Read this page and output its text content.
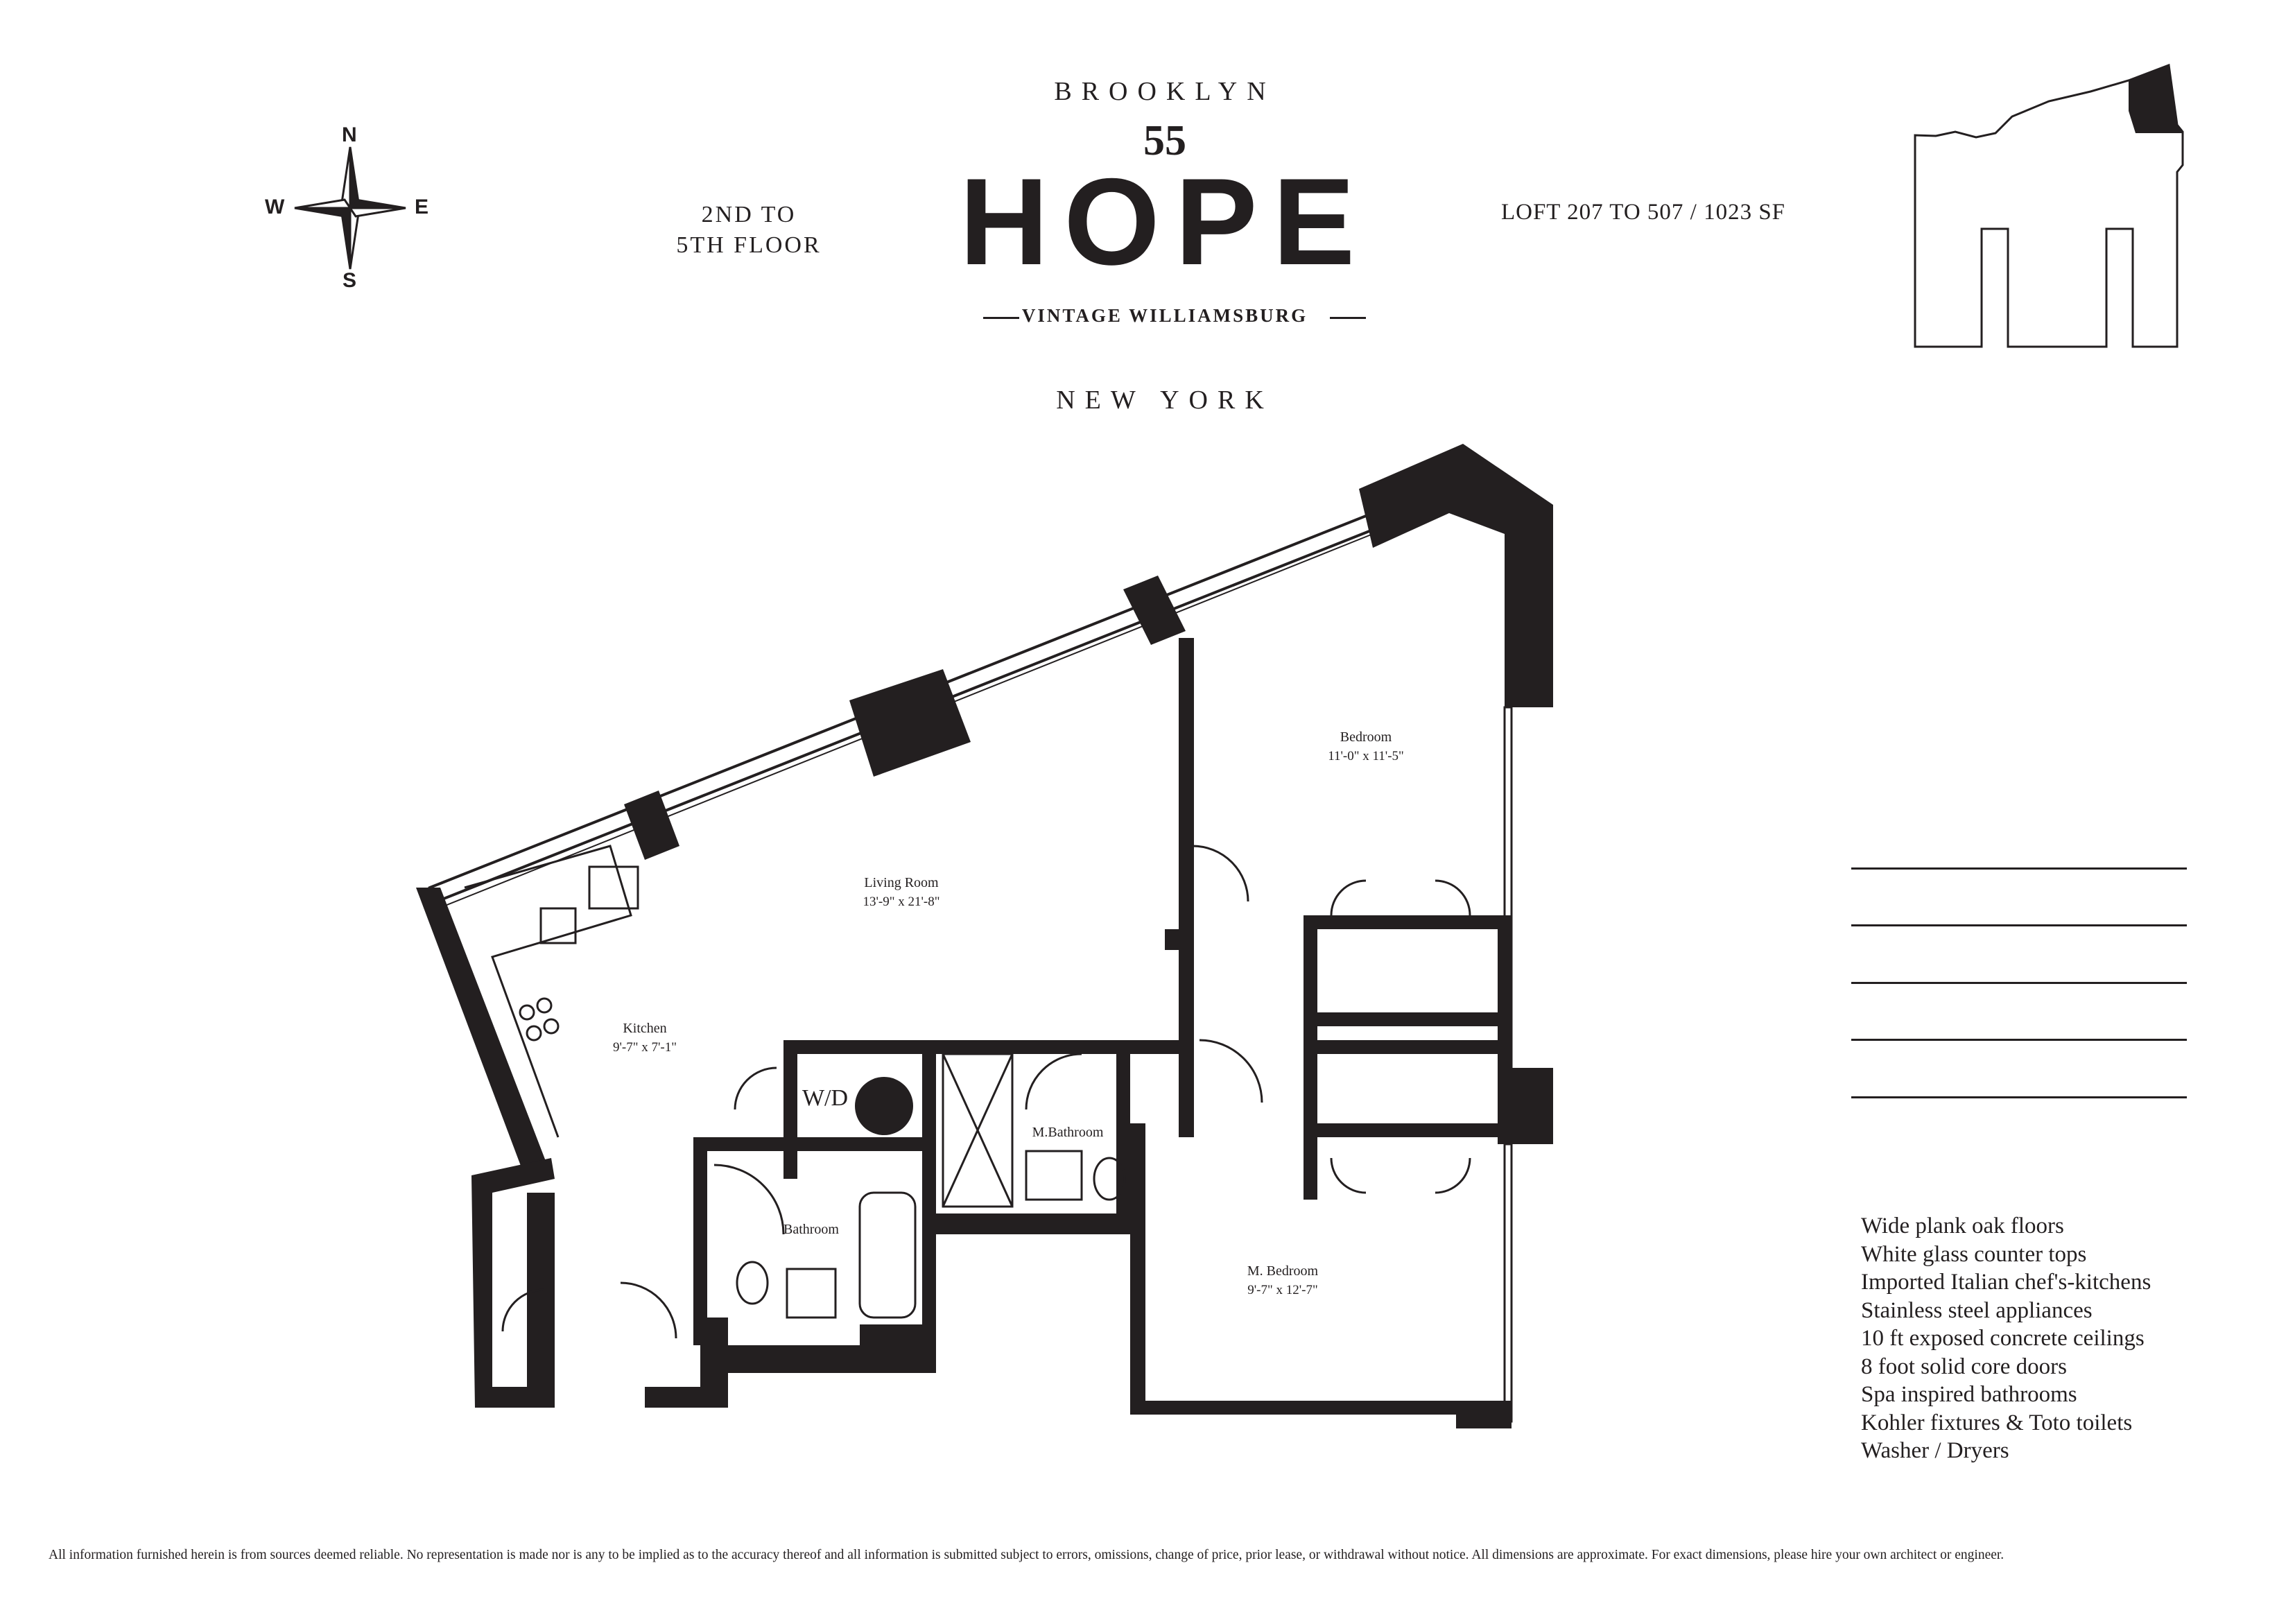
N
S
W	E	2ND TO
5TH FLOOR
BROOKLYN
55
HOPE
VINTAGE WILLIAMSBURG
NEW YORK
LOFT 207 TO 507 / 1023 SF
Living Room
13'-9" x 21'-8"
Bedroom
11'-0" x 11'-5"
Kitchen
9'-7" x 7'-1"
W/D
M.Bathroom
Bathroom
M. Bedroom
9'-7" x 12'-7"
Wide plank oak floors
White glass counter tops
Imported Italian chef's-kitchens
Stainless steel appliances
10 ft exposed concrete ceilings
8 foot solid core doors
Spa inspired bathrooms
Kohler fixtures & Toto toilets
Washer / Dryers
All information furnished herein is from sources deemed reliable. No representation is made nor is any to be implied as to the accuracy thereof and all information is submitted subject to errors, omissions, change of price, prior lease, or withdrawal without notice. All dimensions are approximate. For exact dimensions, please hire your own architect or engineer.
